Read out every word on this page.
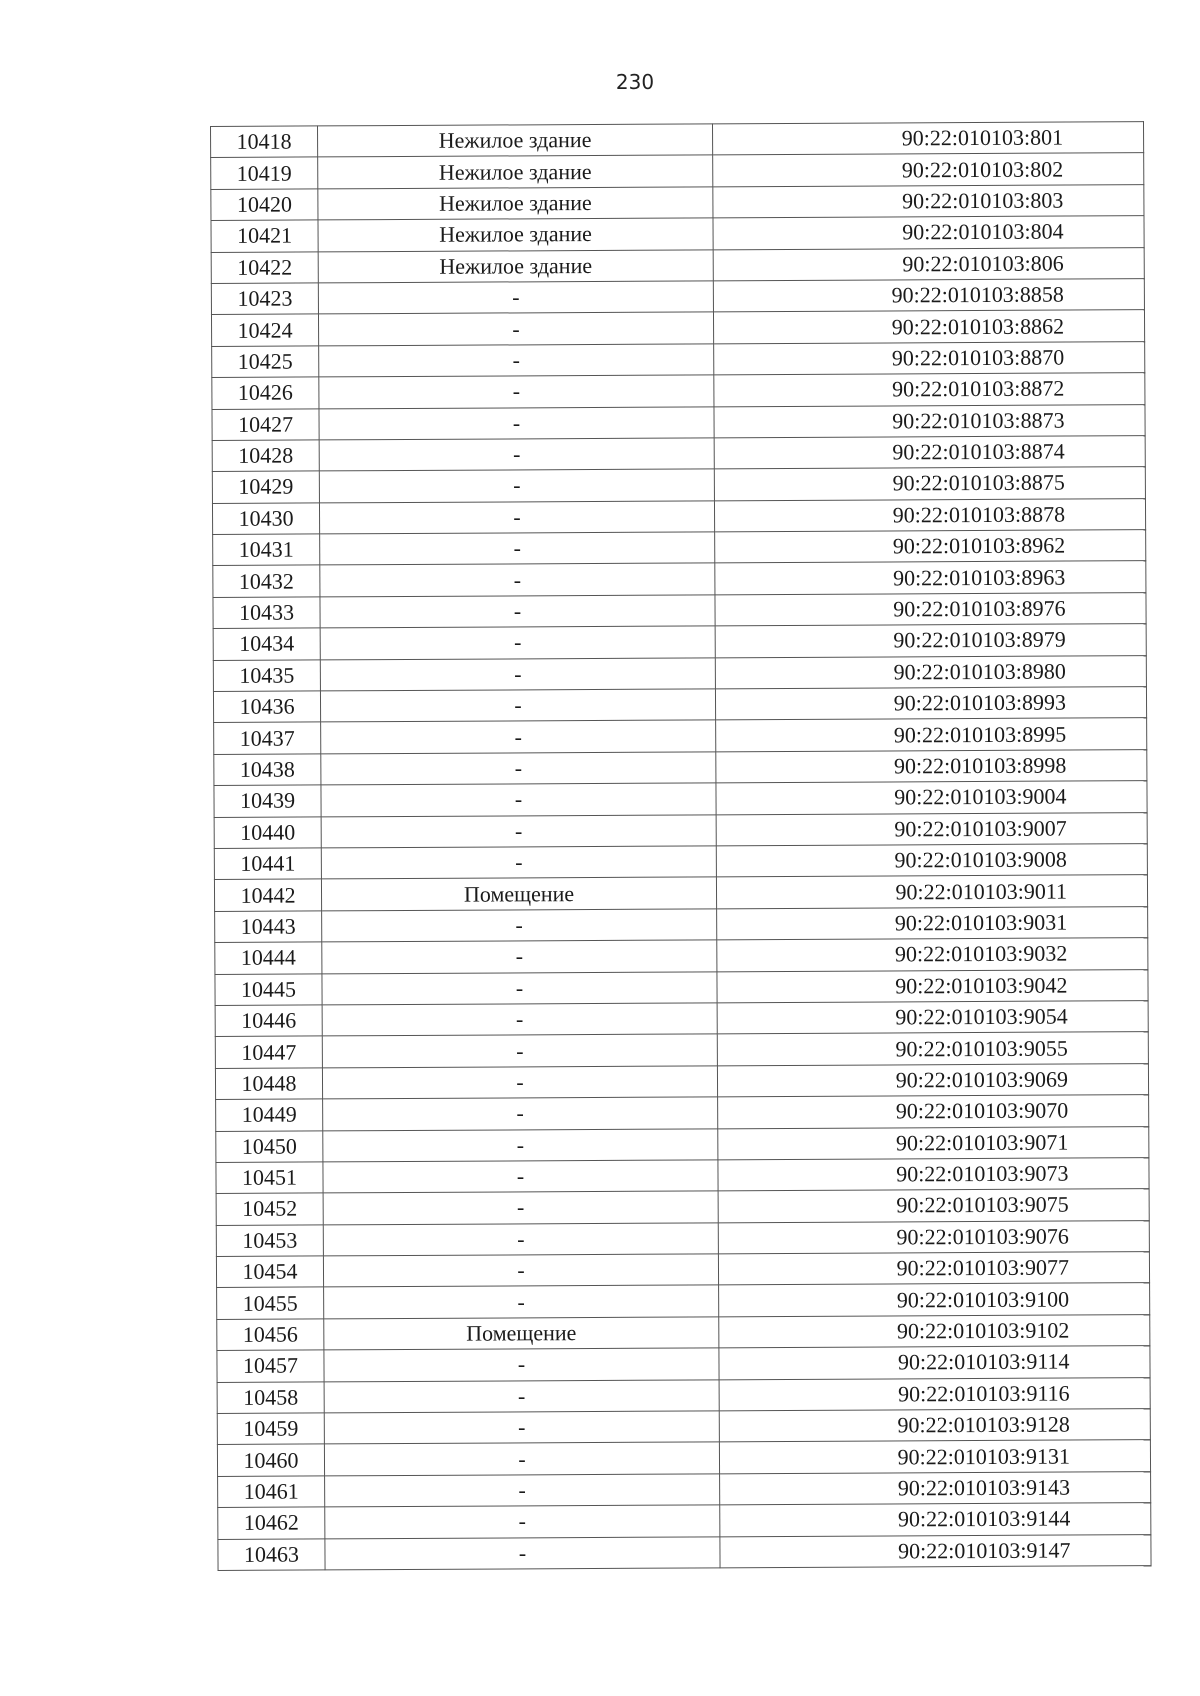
230
10418	Нежилое здание	90:22:010103:801
10419	Нежилое здание	90:22:010103:802
10420	Нежилое здание	90:22:010103:803
10421	Нежилое здание	90:22:010103:804
10422	Нежилое здание	90:22:010103:806
10423	-	90:22:010103:8858
10424	-	90:22:010103:8862
10425	-	90:22:010103:8870
10426	-	90:22:010103:8872
10427	-	90:22:010103:8873
10428	-	90:22:010103:8874
10429	-	90:22:010103:8875
10430	-	90:22:010103:8878
10431	-	90:22:010103:8962
10432	-	90:22:010103:8963
10433	-	90:22:010103:8976
10434	-	90:22:010103:8979
10435	-	90:22:010103:8980
10436	-	90:22:010103:8993
10437	-	90:22:010103:8995
10438	-	90:22:010103:8998
10439	-	90:22:010103:9004
10440	-	90:22:010103:9007
10441	-	90:22:010103:9008
10442	Помещение	90:22:010103:9011
10443	-	90:22:010103:9031
10444	-	90:22:010103:9032
10445	-	90:22:010103:9042
10446	-	90:22:010103:9054
10447	-	90:22:010103:9055
10448	-	90:22:010103:9069
10449	-	90:22:010103:9070
10450	-	90:22:010103:9071
10451	-	90:22:010103:9073
10452	-	90:22:010103:9075
10453	-	90:22:010103:9076
10454	-	90:22:010103:9077
10455	-	90:22:010103:9100
10456	Помещение	90:22:010103:9102
10457	-	90:22:010103:9114
10458	-	90:22:010103:9116
10459	-	90:22:010103:9128
10460	-	90:22:010103:9131
10461	-	90:22:010103:9143
10462	-	90:22:010103:9144
10463	-	90:22:010103:9147
